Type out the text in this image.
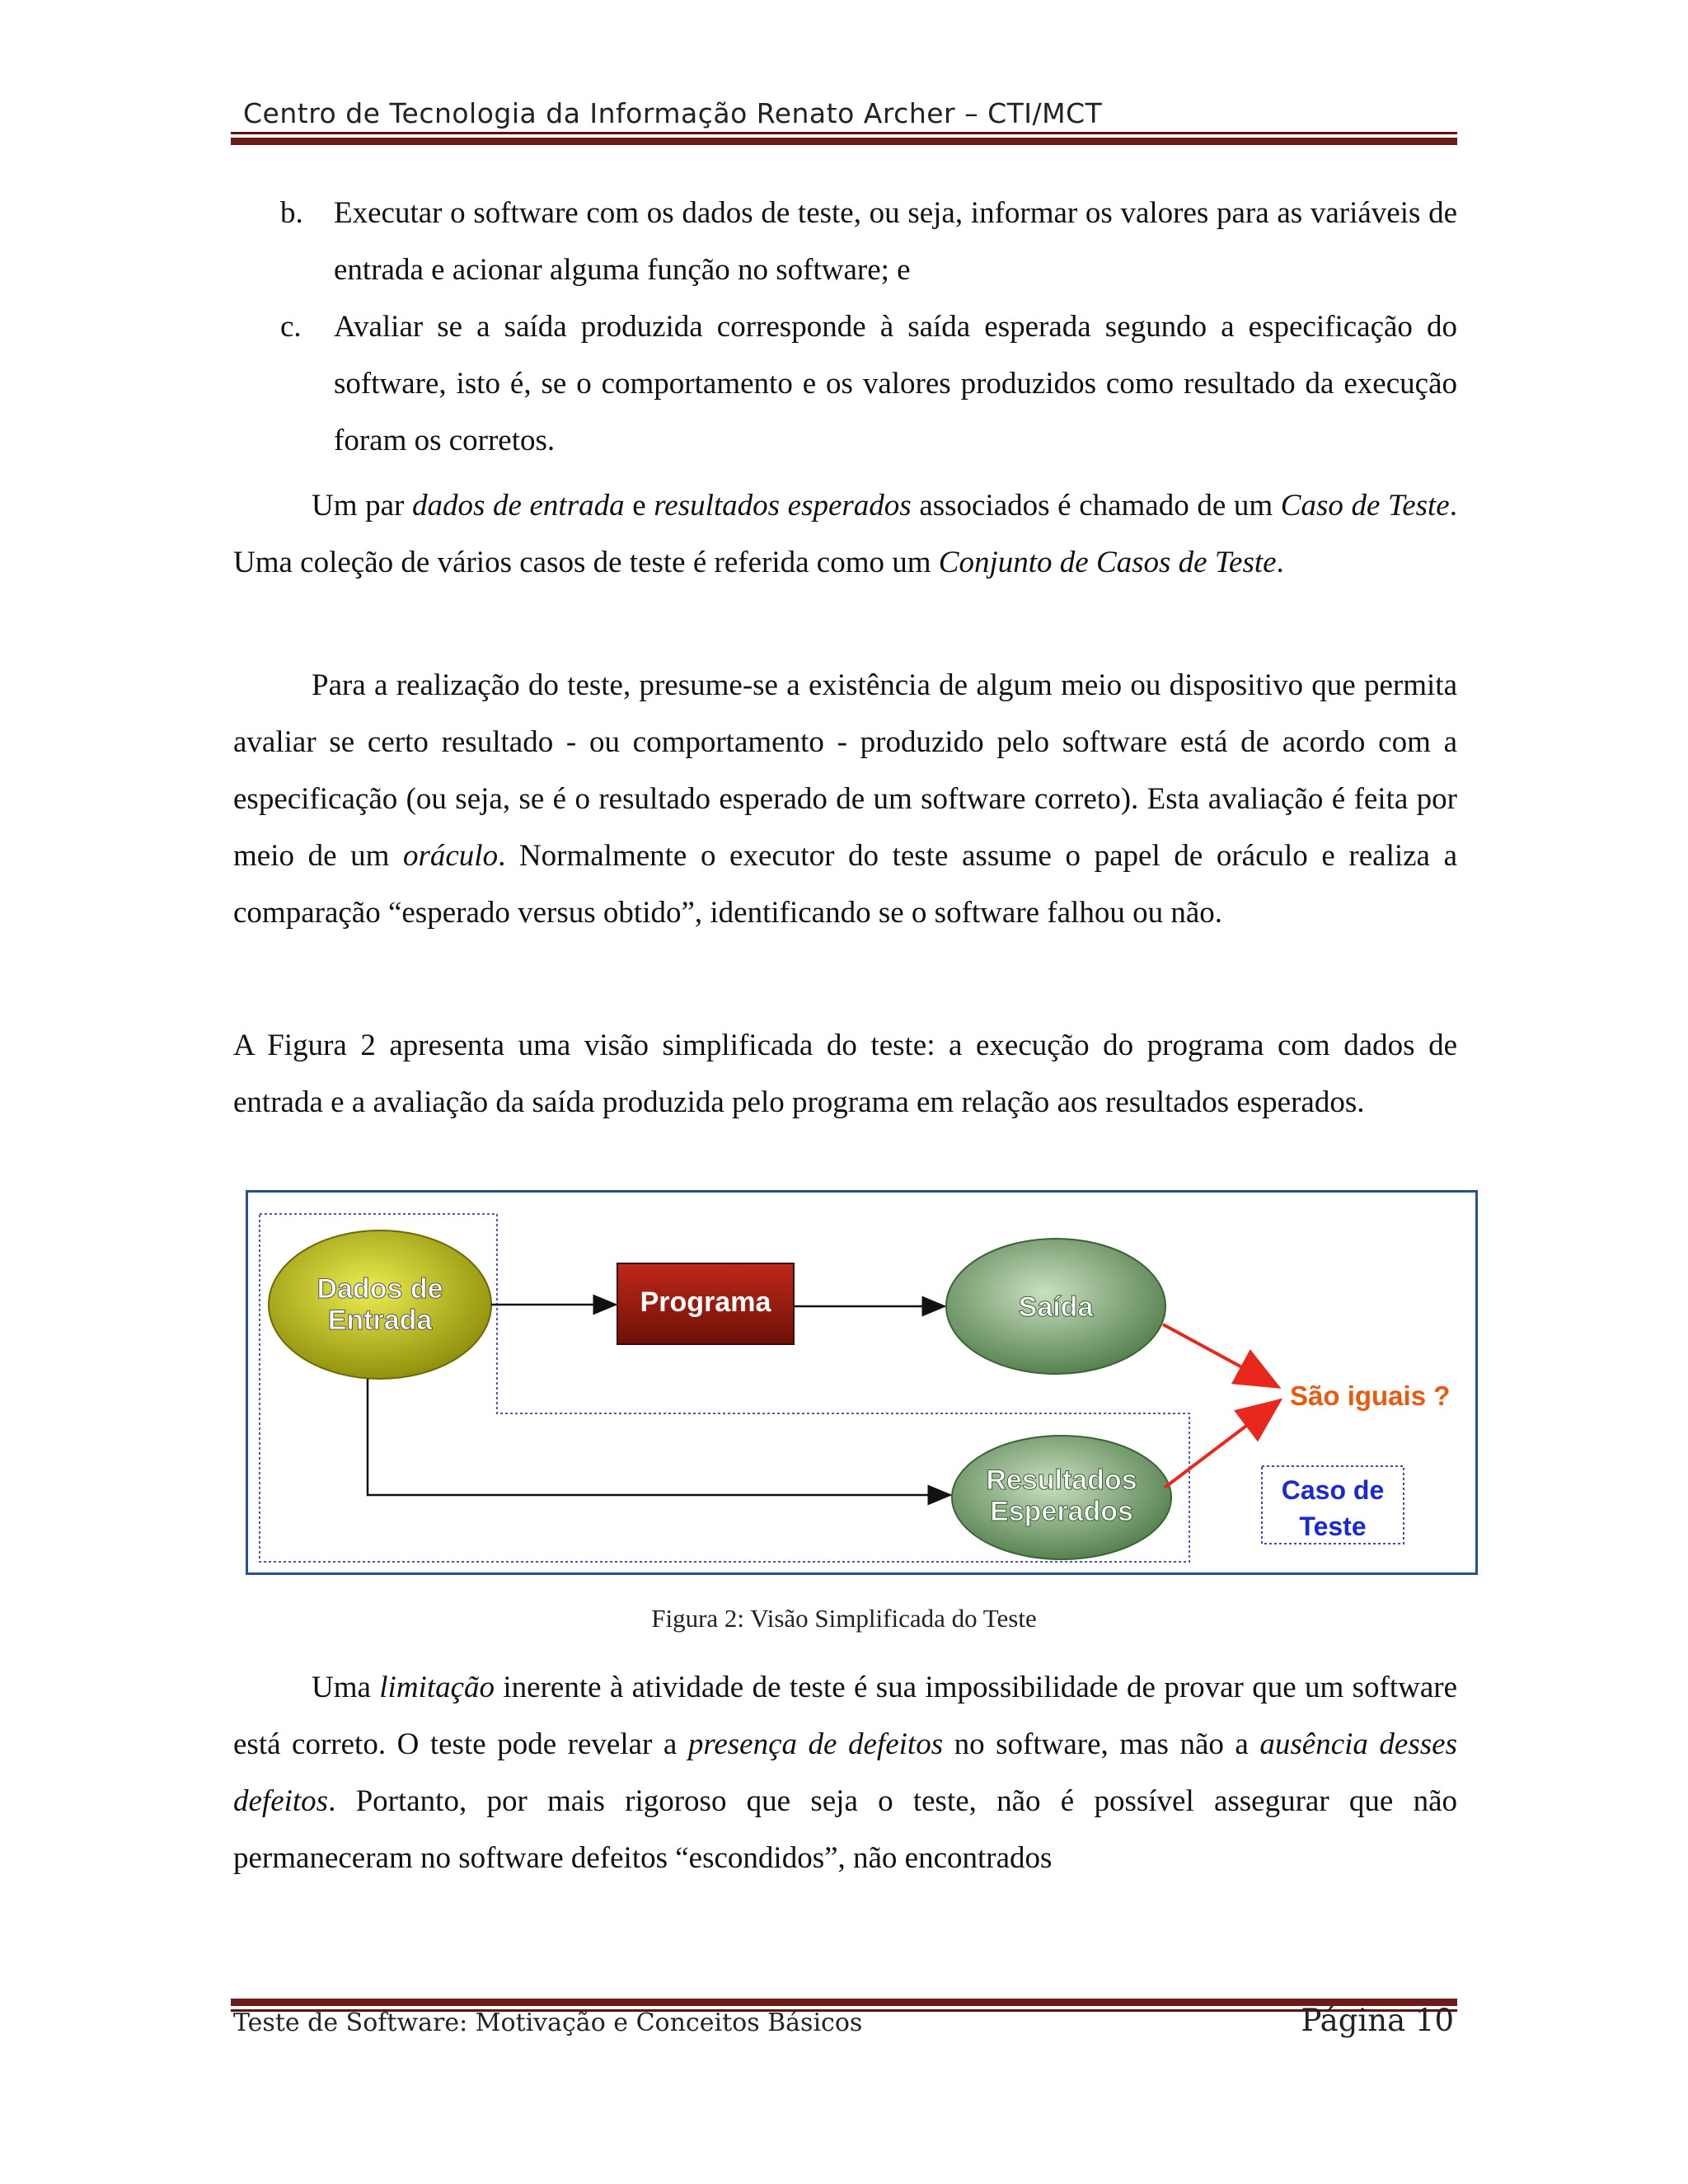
Centro de Tecnologia da Informação Renato Archer – CTI/MCT
b. Executar o software com os dados de teste, ou seja, informar os valores para as variáveis de entrada e acionar alguma função no software; e
c. Avaliar se a saída produzida corresponde à saída esperada segundo a especificação do software, isto é, se o comportamento e os valores produzidos como resultado da execução foram os corretos.
Um par dados de entrada e resultados esperados associados é chamado de um Caso de Teste. Uma coleção de vários casos de teste é referida como um Conjunto de Casos de Teste.
Para a realização do teste, presume-se a existência de algum meio ou dispositivo que permita avaliar se certo resultado - ou comportamento - produzido pelo software está de acordo com a especificação (ou seja, se é o resultado esperado de um software correto). Esta avaliação é feita por meio de um oráculo. Normalmente o executor do teste assume o papel de oráculo e realiza a comparação “esperado versus obtido”, identificando se o software falhou ou não.
A Figura 2 apresenta uma visão simplificada do teste: a execução do programa com dados de entrada e a avaliação da saída produzida pelo programa em relação aos resultados esperados.
Dados de
Entrada
Programa	Saída
Resultados
Esperados
São iguais ?
Caso de
Teste
Figura 2: Visão Simplificada do Teste
Uma limitação inerente à atividade de teste é sua impossibilidade de provar que um software está correto. O teste pode revelar a presença de defeitos no software, mas não a ausência desses defeitos. Portanto, por mais rigoroso que seja o teste, não é possível assegurar que não permaneceram no software defeitos “escondidos”, não encontrados
Teste de Software: Motivação e Conceitos Básicos	Página 10
